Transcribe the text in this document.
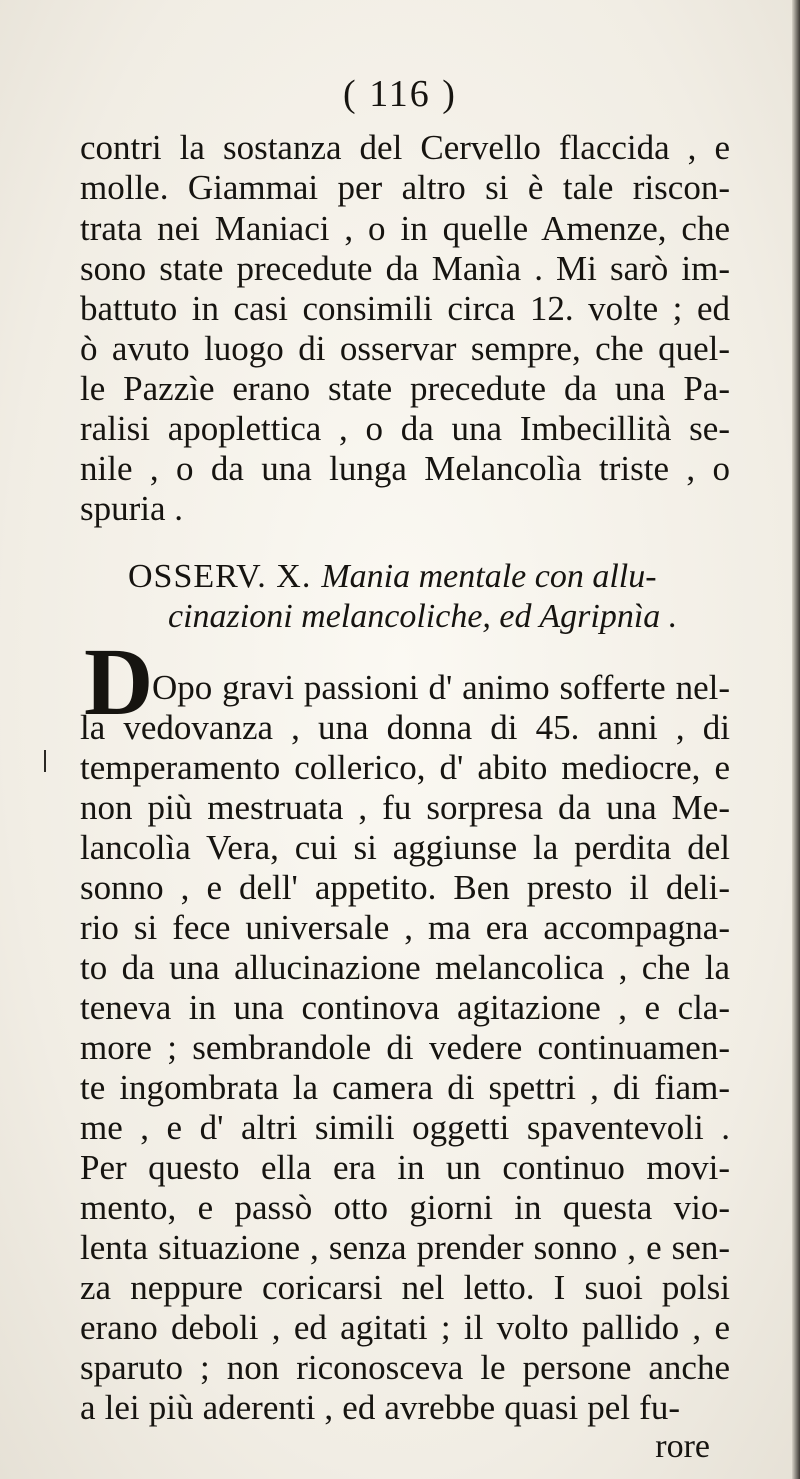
( 116 )
contri la sostanza del Cervello flaccida , e
molle. Giammai per altro si è tale riscon-
trata nei Maniaci , o in quelle Amenze, che
sono state precedute da Manìa . Mi sarò im-
battuto in casi consimili circa 12. volte ; ed
ò avuto luogo di osservar sempre, che quel-
le Pazzìe erano state precedute da una Pa-
ralisi apoplettica , o da una Imbecillità se-
nile , o da una lunga Melancolìa triste , o
spuria .
OSSERV. X. Mania mentale con allu-
cinazioni melancoliche, ed Agripnìa .
D
Opo gravi passioni d' animo sofferte nel-
la vedovanza , una donna di 45. anni , di
temperamento collerico, d' abito mediocre, e
non più mestruata , fu sorpresa da una Me-
lancolìa Vera, cui si aggiunse la perdita del
sonno , e dell' appetito. Ben presto il deli-
rio si fece universale , ma era accompagna-
to da una allucinazione melancolica , che la
teneva in una continova agitazione , e cla-
more ; sembrandole di vedere continuamen-
te ingombrata la camera di spettri , di fiam-
me , e d' altri simili oggetti spaventevoli .
Per questo ella era in un continuo movi-
mento, e passò otto giorni in questa vio-
lenta situazione , senza prender sonno , e sen-
za neppure coricarsi nel letto. I suoi polsi
erano deboli , ed agitati ; il volto pallido , e
sparuto ; non riconosceva le persone anche
a lei più aderenti , ed avrebbe quasi pel fu-
rore
